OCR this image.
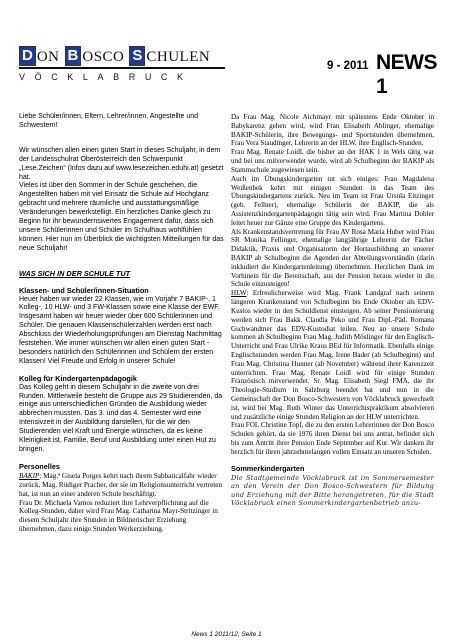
D ON B OSCO S CHULEN
VÖCKLABRUCK
9 - 2011 NEWS 1

Liebe Schüler/innen, Eltern, Lehrer/innen, Angestellte und Schwestern!

Wir wünschen allen einen guten Start in dieses Schuljahr, in dem der Landesschulrat Oberösterreich den Schwerpunkt „Lese.Zeichen“ (Infos dazu auf www.lesezeichen.eduhi.at) gesetzt hat.

Vieles ist über den Sommer in der Schule geschehen, die Angestellten haben mit viel Einsatz die Schule auf Hochglanz gebracht und mehrere räumliche und ausstattungsmäßige Veränderungen bewerkstelligt. Ein herzliches Danke gleich zu Beginn für ihr bewundernswertes Engagement dafür, dass sich unsere Schülerinnen und Schüler im Schulhaus wohlfühlen können. Hier nun im Überblick die wichtigsten Mitteilungen für das neue Schuljahr!

WAS SICH IN DER SCHULE TUT

Klassen- und Schüler/innen-Situation

Heuer haben wir wieder 22 Klassen, wie im Vorjahr 7 BAKIP-, 1 Kolleg-, 10 HLW- und 3 FW-Klassen sowie eine Klasse der EWF. Insgesamt haben wir heuer wieder über 600 Schülerinnen und Schüler. Die genauen Klassenschülerzahlen werden erst nach Abschluss der Wiederholungsprüfungen am Dienstag Nachmittag feststehen. Wie immer wünschen wir allen einen guten Start - besonders natürlich den Schülerinnen und Schülern der ersten Klassen! Viel Freude und Erfolg in unserer Schule!

Kolleg für Kindergartenpädagogik

Das Kolleg geht in diesem Schuljahr in die zweite von drei Runden. Mittlerweile besteht die Gruppe aus 29 Studierenden, da einige aus unterschiedlichen Gründen die Ausbildung wieder abbrechen mussten. Das 3. und das 4. Semester wird eine Intensivzeit in der Ausbildung darstellen, für die wir den Studierenden viel Kraft und Energie wünschen, da es keine Kleinigkeit ist, Familie, Beruf und Ausbildung unter einen Hut zu bringen.

Personelles

BAKIP: Mag.ª Gisela Porges kehrt nach ihrem Sabbaticalfahr wieder zurück, Mag. Rüdiger Pracher, der sie im Religionsunterricht vertreten hat, ist nun an einer anderen Schule beschäftigt.

Frau Dr. Michaela Vamos reduziert ihre Lehrverpflichtung auf die Kolleg-Stunden, daher wird Frau Mag. Catharina Mayr-Stritzinger in diesem Schuljahr ihre Stunden in Bildnerischer Erziehung übernehmen, dazu einige Stunden Werkerziehung.

Da Frau Mag. Nicole Aichmayr mit spätestens Ende Oktober in Babykarenz gehen wird, wird Frau Elisabeth Ablinger, ehemalige BAKIP-Schülerin, ihre Bewegungs- und Sportstunden übernehmen, Frau Vera Staudinger, Lehrerin an der HLW, ihre Englisch-Stunden.

Frau Mag. Renate Loidl, die bisher an der HAK 1 in Wels tätig war und bei uns mitverwendet wurde, wird ab Schulbeginn der BAKIP als Stammschule zugewiesen sein.

Auch im Übungskindergarten tut sich einiges: Frau Magdalena Weißenbek kehrt mit einigen Stunden in das Team des Übungskindergartens zurück. Neu im Team ist Frau Ursula Eitzinger (geb. Fellner), ehemalige Schülerin der BAKIP, die als Assistenzkindergartenpädagogin tätig sein wird. Frau Martina Dobler leitet heuer zur Gänze eine Gruppe des Kindergartens.

Als Krankenstandsvertretung für Frau AV Rosa Maria Huber wird Frau SR Monika Fellinger, ehemalige langjährige Lehrerin der Fächer Didaktik, Praxis und Organisatorin der Hortausbildung an unserer BAKIP ab Schulbeginn die Agenden der Abteilungsvorständin (darin inkludiert die Kindergartenleitung) übernehmen. Herzlichen Dank im Vorhinein für die Bereitschaft, aus der Pension heraus wieder in die Schule einzusteigen!

HLW: Erfreulicherweise wird Mag. Frank Landgraf nach seinem längeren Krankenstand von Schulbeginn bis Ende Oktober als EDV-Kustos wieder in den Schuldienst einsteigen. Ab seiner Pensionierung werden sich Frau Bakk. Claudia Peko und Frau Dipl.-Päd. Romana Gschwandtner das EDV-Kustodiat teilen. Neu an unsere Schule kommen ab Schulbeginn Frau Mag. Judith Möslinger für den Englisch-Unterricht und Frau Ulrike Kraus BEd für Informatik. Ebenfalls einige Englischstunden werden Frau Mag. Irene Bader (ab Schulbeginn) und Frau Mag. Christina Hunner (ab November) während ihrer Karenzzeit unterrichten. Frau Mag. Renate Loidl wird für einige Stunden Französisch mitverwendet. Sr. Mag. Elisabeth Siegl FMA, die ihr Theologie-Studium in Salzburg beendet hat und nun in die Gemeinschaft der Don Bosco-Schwestern von Vöcklabruck gewechselt ist, wird bei Mag. Ruth Winter das Unterrichtspraktikum absolvieren und zusätzliche einige Stunden Religion an der HLW unterrichten.

Frau FOL Christine Topf, die zu den ersten Lehrerinnen der Don Bosco Schulen gehört, da sie 1976 ihren Dienst bei uns antrat, befindet sich bis zum Antritt ihrer Pension Ende September auf Kur. Wir danken ihr herzlich für ihren jahrzehntelangen vollen Einsatz an unseren Schulen.

Sommerkindergarten

Die Stadtgemeinde Vöcklabruck ist im Sommersemester an den Verein der Don Bosco-Schwestern für Bildung und Erziehung mit der Bitte herangetreten, für die Stadt Vöcklabruck einen Sommerkindergartenbetrieb anzu-

News 1 2011/12, Seite 1
